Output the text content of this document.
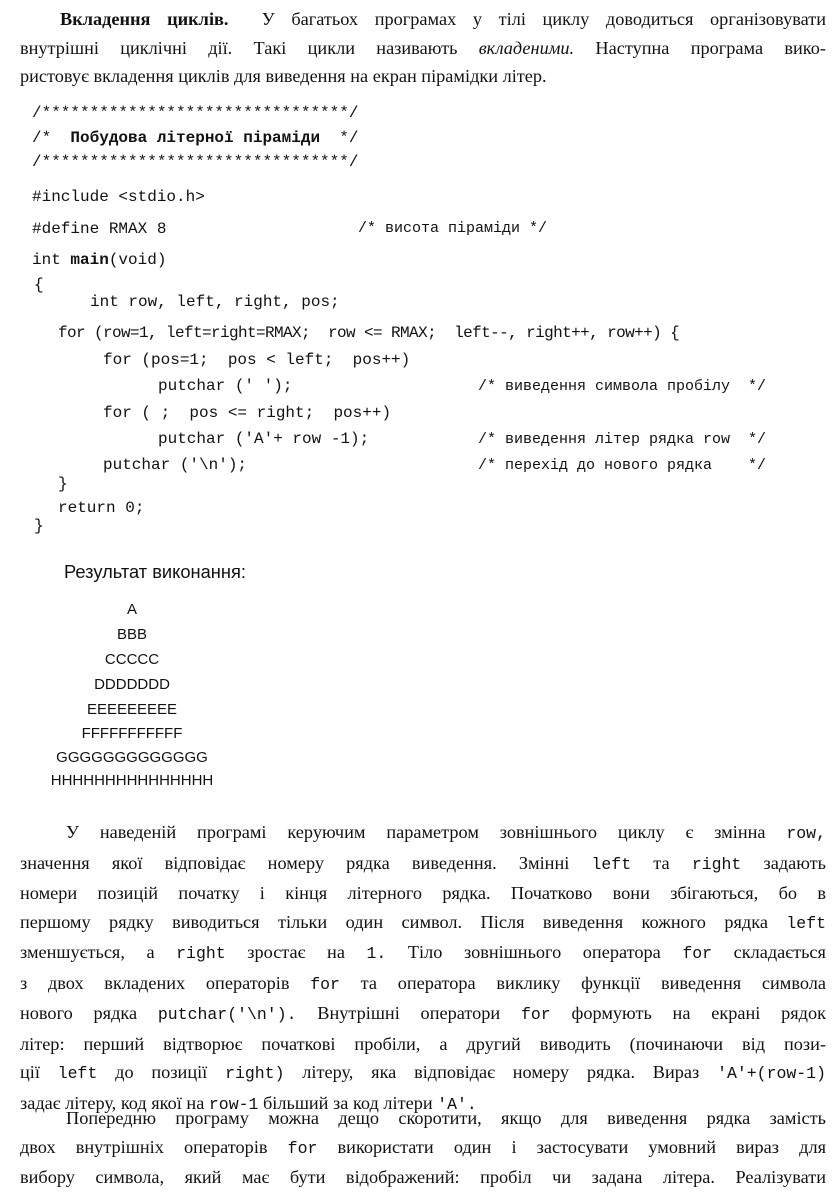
Вкладення циклів. У багатьох програмах у тілі циклу доводиться організовувати
внутрішні циклічні дії. Такі цикли називають вкладеними. Наступна програма вико-
ристовує вкладення циклів для виведення на екран пірамідки літер.
/********************************/
/*  Побудова літерної піраміди  */
/********************************/
#include <stdio.h>
#define RMAX 8	/* висота піраміди */
int main(void)
{
int row, left, right, pos;
for (row=1, left=right=RMAX;  row <= RMAX;  left--, right++, row++) {
for (pos=1;  pos < left;  pos++)
putchar (' ');	/* виведення символа пробілу  */
for ( ;  pos <= right;  pos++)
putchar ('A'+ row -1);	/* виведення літер рядка row  */
putchar ('\n');	/* перехід до нового рядка    */
}
return 0;
}
Результат виконання:
A
BBB
CCCCC
DDDDDDD
EEEEEEEEE
FFFFFFFFFFF
GGGGGGGGGGGGG
HHHHHHHHHHHHHHH
У наведеній програмі керуючим параметром зовнішнього циклу є змінна row,
значення якої відповідає номеру рядка виведення. Змінні left та right задають
номери позицій початку і кінця літерного рядка. Початково вони збігаються, бо в
першому рядку виводиться тільки один символ. Після виведення кожного рядка left
зменшується, а right зростає на 1. Тіло зовнішнього оператора for складається
з двох вкладених операторів for та оператора виклику функції виведення символа
нового рядка putchar('\n'). Внутрішні оператори for формують на екрані рядок
літер: перший відтворює початкові пробіли, а другий виводить (починаючи від пози-
ції left до позиції right) літеру, яка відповідає номеру рядка. Вираз 'A'+(row-1)
задає літеру, код якої на row-1 більший за код літери 'A'.
Попередню програму можна дещо скоротити, якщо для виведення рядка замість
двох внутрішніх операторів for використати один і застосувати умовний вираз для
вибору символа, який має бути відображений: пробіл чи задана літера. Реалізувати
